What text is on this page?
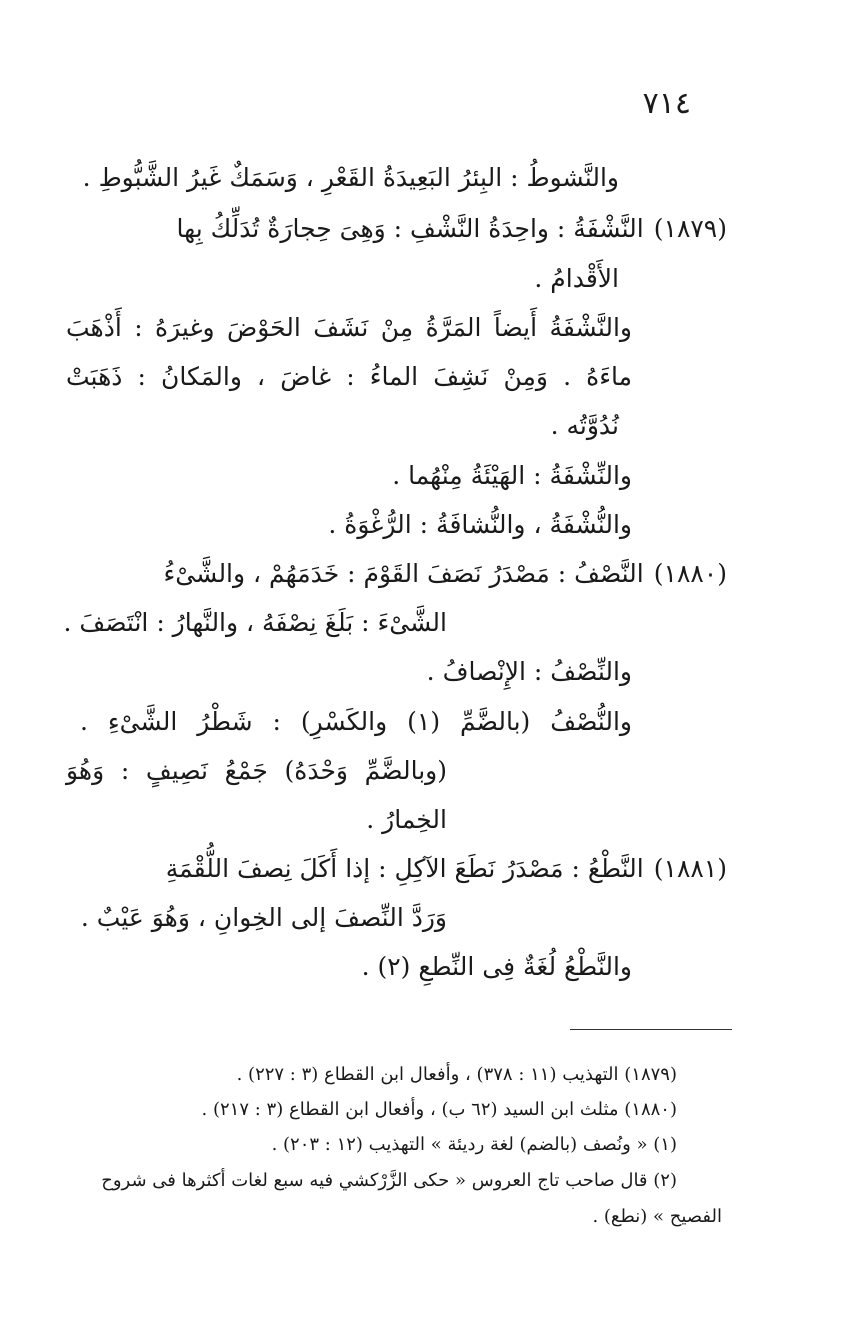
٧١٤
والنَّشوطُ : البِئرُ البَعِيدَةُ القَعْرِ ، وَسَمَكٌ غَيرُ الشَّبُّوطِ .
(١٨٧٩)النَّشْفَةُ : واحِدَةُ النَّشْفِ : وَهِىَ حِجارَةٌ تُدَلِّكُ بِها
الأَقْدامُ .
والنَّشْفَةُ أَيضاً المَرَّةُ مِنْ نَشَفَ الحَوْضَ وغيرَهُ : أَذْهَبَ
ماءَهُ . وَمِنْ نَشِفَ الماءُ : غاضَ ، والمَكانُ : ذَهَبَتْ
نُدُوَّتُه .
والنِّشْفَةُ : الهَيْئَةُ مِنْهُما .
والنُّشْفَةُ ، والنُّشافَةُ : الرُّغْوَةُ .
(١٨٨٠)النَّصْفُ : مَصْدَرُ نَصَفَ القَوْمَ : خَدَمَهُمْ ، والشَّىْءُ
الشَّىْءَ : بَلَغَ نِصْفَهُ ، والنَّهارُ : انْتَصَفَ .
والنِّصْفُ : الإِنْصافُ .
والنُّصْفُ (بالضَّمِّ (١) والكَسْرِ) : شَطْرُ الشَّىْءِ .
(وبالضَّمِّ وَحْدَهُ) جَمْعُ نَصِيفٍ : وَهُوَ
الخِمارُ .
(١٨٨١)النَّطْعُ : مَصْدَرُ نَطَعَ الآكِلِ : إذا أَكَلَ نِصفَ اللُّقْمَةِ
وَرَدَّ النِّصفَ إلى الخِوانِ ، وَهُوَ عَيْبٌ .
والنَّطْعُ لُغَةٌ فِى النِّطعِ (٢) .
(١٨٧٩) التهذيب (١١ : ٣٧٨) ، وأفعال ابن القطاع (٣ : ٢٢٧) .
(١٨٨٠) مثلث ابن السيد (٦٢ ب) ، وأفعال ابن القطاع (٣ : ٢١٧) .
(١) « ونُصف (بالضم) لغة رديئة » التهذيب (١٢ : ٢٠٣) .
(٢) قال صاحب تاج العروس « حكى الزَّرْكشي فيه سبع لغات أكثرها فى شروح
الفصيح » (نطع) .
